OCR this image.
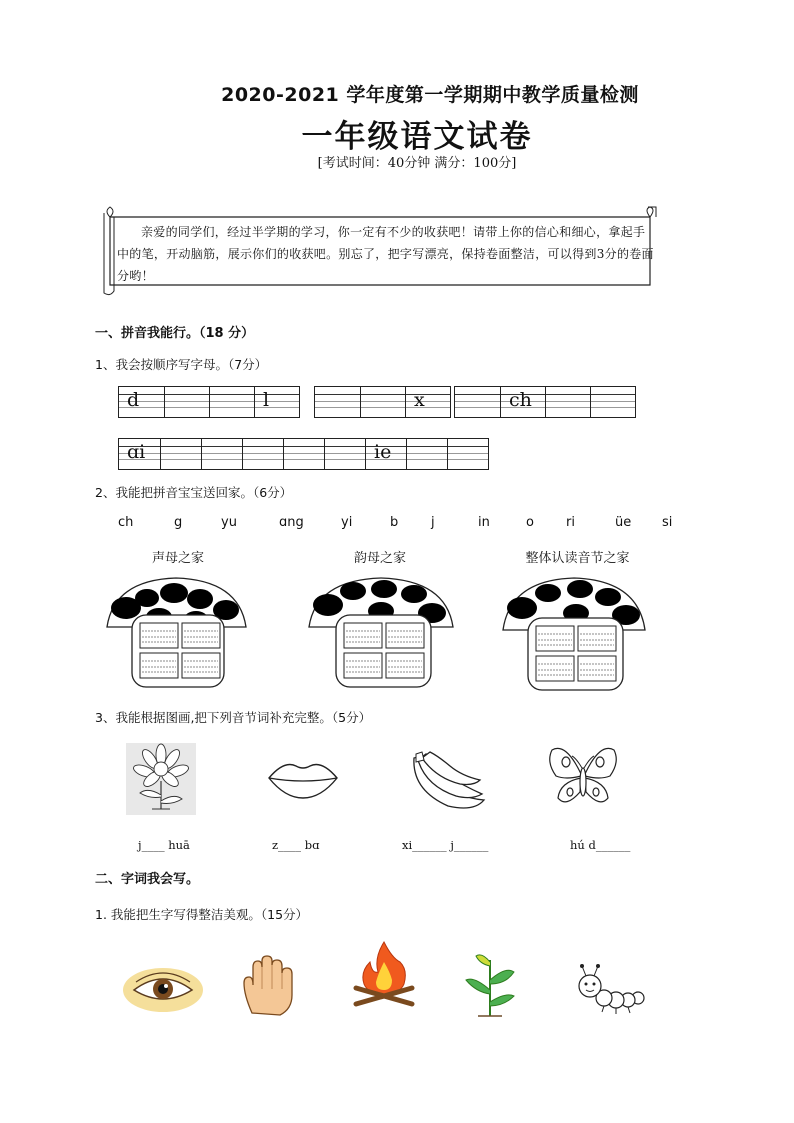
2020-2021 学年度第一学期期中教学质量检测
一年级语文试卷
[考试时间：40分钟 满分：100分]
亲爱的同学们，经过半学期的学习，你一定有不少的收获吧！请带上你的信心和细心，拿起手中的笔，开动脑筋，展示你们的收获吧。别忘了，把字写漂亮，保持卷面整洁，可以得到3分的卷面分哟！
一、拼音我能行。（18 分）
1、我会按顺序写字母。（7分）
d	l	x	ch
ɑi	ie
2、我能把拼音宝宝送回家。（6分）
ch	g	yu	ɑng	yi	b	j	in	o ri	üe si
声母之家	韵母之家	整体认读音节之家
3、我能根据图画,把下列音节词补充完整。（5分）
j____ huā	z____ bɑ	xi______ j______	hú d______
二、字词我会写。
1. 我能把生字写得整洁美观。（15分）
